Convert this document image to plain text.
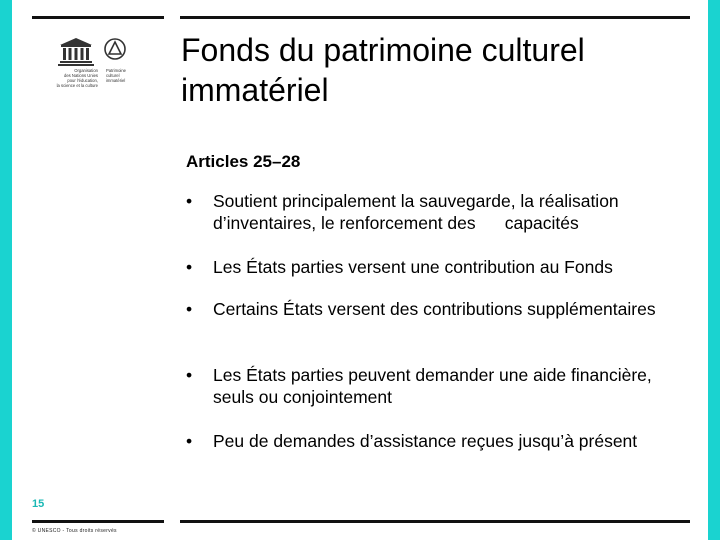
Organisation
des Nations Unies
pour l'éducation,
la science et la culture
Patrimoine
culturel
immatériel
Fonds du patrimoine culturel immatériel
Articles 25–28
• Soutient principalement la sauvegarde, la réalisation d’inventaires, le renforcement des      capacités
• Les États parties versent une contribution au Fonds
• Certains États versent des contributions supplémentaires
• Les États parties peuvent demander une aide financière, seuls ou conjointement
• Peu de demandes d’assistance reçues jusqu’à présent
15
© UNESCO - Tous droits réservés
